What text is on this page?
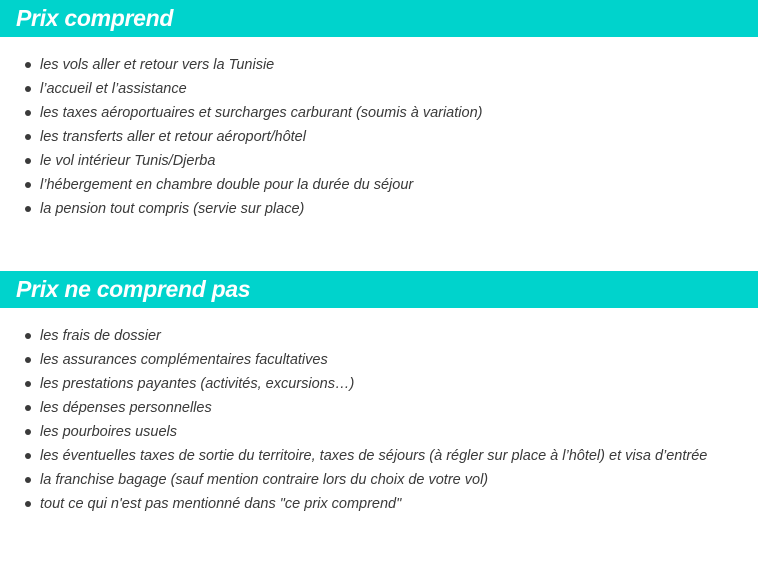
Prix comprend
les vols aller et retour vers la Tunisie
l’accueil et l’assistance
les taxes aéroportuaires et surcharges carburant (soumis à variation)
les transferts aller et retour aéroport/hôtel
le vol intérieur Tunis/Djerba
l’hébergement en chambre double pour la durée du séjour
la pension tout compris (servie sur place)
Prix ne comprend pas
les frais de dossier
les assurances complémentaires facultatives
les prestations payantes (activités, excursions…)
les dépenses personnelles
les pourboires usuels
les éventuelles taxes de sortie du territoire, taxes de séjours (à régler sur place à l’hôtel) et visa d’entrée
la franchise bagage (sauf mention contraire lors du choix de votre vol)
tout ce qui n'est pas mentionné dans "ce prix comprend"
